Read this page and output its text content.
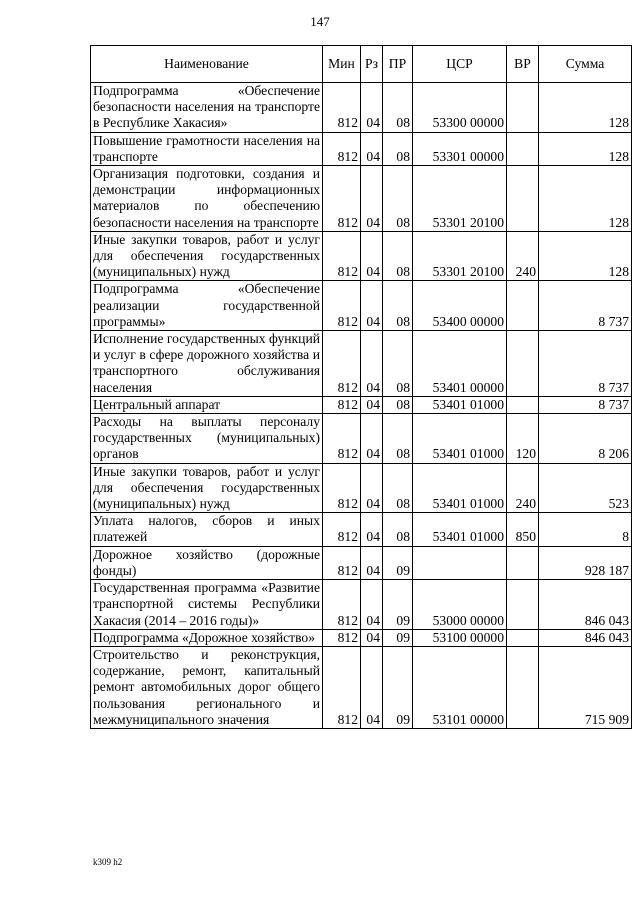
147
Наименование	Мин	Рз	ПР	ЦСР	ВР	Сумма
Подпрограмма «Обеспечение безопасности населения на транспорте в Республике Хакасия»	812	04	08	53300 00000		128
Повышение грамотности населения на транспорте	812	04	08	53301 00000		128
Организация подготовки, создания и демонстрации информационных материалов по обеспечению безопасности населения на транспорте	812	04	08	53301 20100		128
Иные закупки товаров, работ и услуг для обеспечения государственных (муниципальных) нужд	812	04	08	53301 20100	240	128
Подпрограмма «Обеспечение реализации государственной программы»	812	04	08	53400 00000		8 737
Исполнение государственных функций и услуг в сфере дорожного хозяйства и транспортного обслуживания населения	812	04	08	53401 00000		8 737
Центральный аппарат	812	04	08	53401 01000		8 737
Расходы на выплаты персоналу государственных (муниципальных) органов	812	04	08	53401 01000	120	8 206
Иные закупки товаров, работ и услуг для обеспечения государственных (муниципальных) нужд	812	04	08	53401 01000	240	523
Уплата налогов, сборов и иных платежей	812	04	08	53401 01000	850	8
Дорожное хозяйство (дорожные фонды)	812	04	09			928 187
Государственная программа «Развитие транспортной системы Республики Хакасия (2014 – 2016 годы)»	812	04	09	53000 00000		846 043
Подпрограмма «Дорожное хозяйство»	812	04	09	53100 00000		846 043
Строительство и реконструкция, содержание, ремонт, капитальный ремонт автомобильных дорог общего пользования регионального и межмуниципального значения	812	04	09	53101 00000		715 909
k309 h2
